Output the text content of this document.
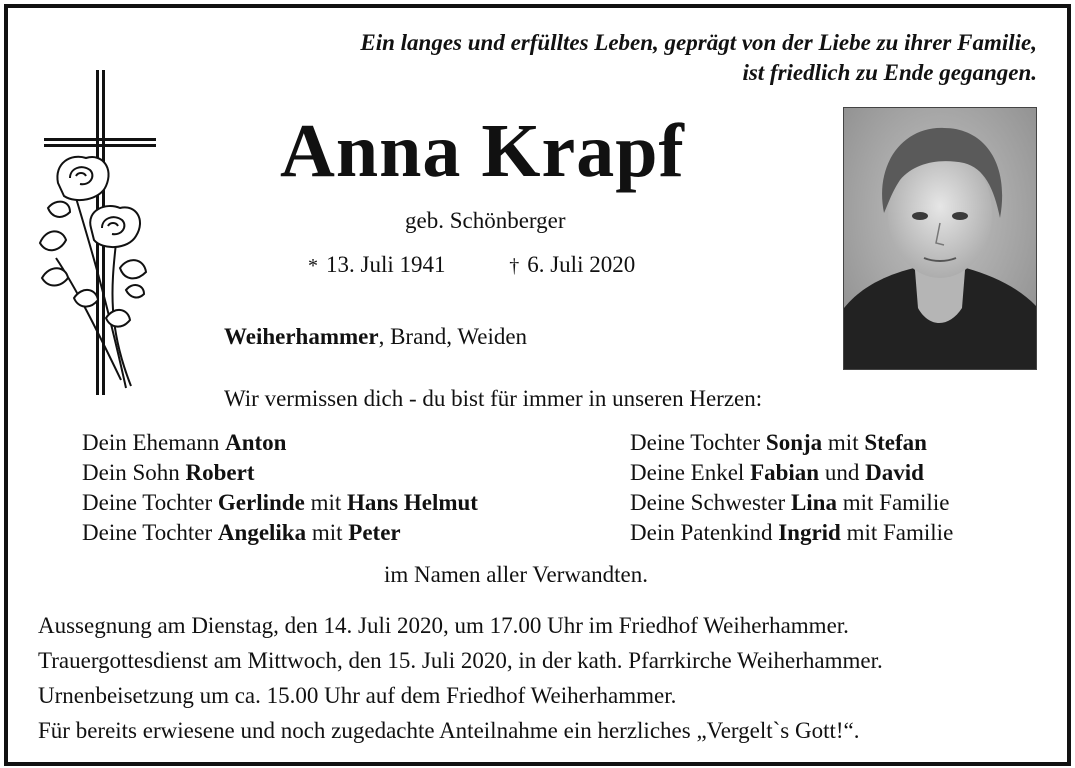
Ein langes und erfülltes Leben, geprägt von der Liebe zu ihrer Familie,
ist friedlich zu Ende gegangen.
Anna Krapf
geb. Schönberger
* 13. Juli 1941	† 6. Juli 2020
Weiherhammer, Brand, Weiden
Wir vermissen dich - du bist für immer in unseren Herzen:
Dein Ehemann Anton
Dein Sohn Robert
Deine Tochter Gerlinde mit Hans Helmut
Deine Tochter Angelika mit Peter
Deine Tochter Sonja mit Stefan
Deine Enkel Fabian und David
Deine Schwester Lina mit Familie
Dein Patenkind Ingrid mit Familie
im Namen aller Verwandten.
Aussegnung am Dienstag, den 14. Juli 2020, um 17.00 Uhr im Friedhof Weiherhammer.
Trauergottesdienst am Mittwoch, den 15. Juli 2020, in der kath. Pfarrkirche Weiherhammer.
Urnenbeisetzung um ca. 15.00 Uhr auf dem Friedhof Weiherhammer.
Für bereits erwiesene und noch zugedachte Anteilnahme ein herzliches „Vergelt`s Gott!“.
